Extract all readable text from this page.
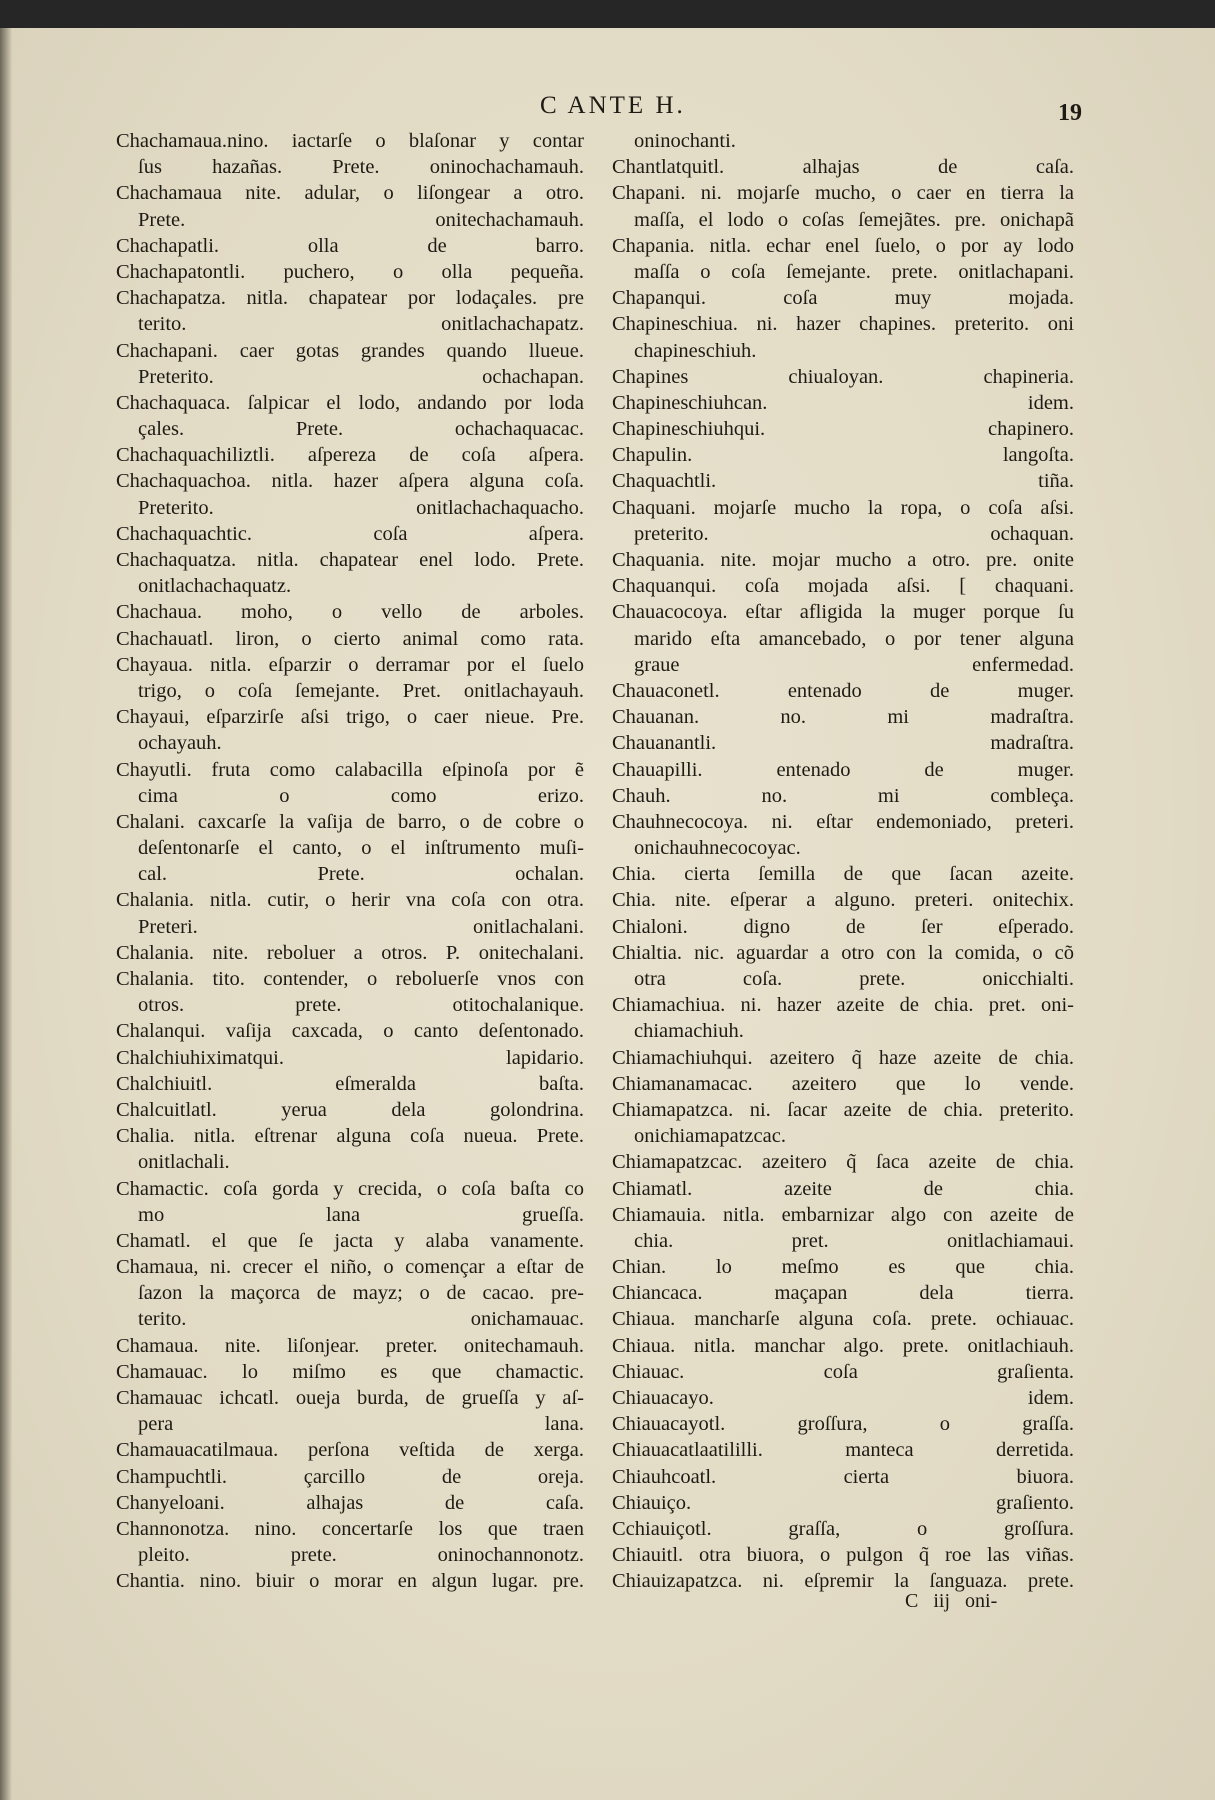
C ANTE H.	19
Chachamaua.nino. iactarſe o blaſonar y contar
ſus hazañas. Prete. oninochachamauh.
Chachamaua nite. adular, o liſongear a otro.
Prete. onitechachamauh.
Chachapatli. olla de barro.
Chachapatontli. puchero, o olla pequeña.
Chachapatza. nitla. chapatear por lodaçales. pre
terito. onitlachachapatz.
Chachapani. caer gotas grandes quando llueue.
Preterito. ochachapan.
Chachaquaca. ſalpicar el lodo, andando por loda
çales. Prete. ochachaquacac.
Chachaquachiliztli. aſpereza de coſa aſpera.
Chachaquachoa. nitla. hazer aſpera alguna coſa.
Preterito. onitlachachaquacho.
Chachaquachtic. coſa aſpera.
Chachaquatza. nitla. chapatear enel lodo. Prete.
onitlachachaquatz.
Chachaua. moho, o vello de arboles.
Chachauatl. liron, o cierto animal como rata.
Chayaua. nitla. eſparzir o derramar por el ſuelo
trigo, o coſa ſemejante. Pret. onitlachayauh.
Chayaui, eſparzirſe aſsi trigo, o caer nieue. Pre.
ochayauh.
Chayutli. fruta como calabacilla eſpinoſa por ẽ
cima o como erizo.
Chalani. caxcarſe la vaſija de barro, o de cobre o
deſentonarſe el canto, o el inſtrumento muſi-
cal. Prete. ochalan.
Chalania. nitla. cutir, o herir vna coſa con otra.
Preteri. onitlachalani.
Chalania. nite. reboluer a otros. P. onitechalani.
Chalania. tito. contender, o reboluerſe vnos con
otros. prete. otitochalanique.
Chalanqui. vaſija caxcada, o canto deſentonado.
Chalchiuhiximatqui. lapidario.
Chalchiuitl. eſmeralda baſta.
Chalcuitlatl. yerua dela golondrina.
Chalia. nitla. eſtrenar alguna coſa nueua. Prete.
onitlachali.
Chamactic. coſa gorda y crecida, o coſa baſta co
mo lana grueſſa.
Chamatl. el que ſe jacta y alaba vanamente.
Chamaua, ni. crecer el niño, o començar a eſtar de
ſazon la maçorca de mayz; o de cacao. pre-
terito. onichamauac.
Chamaua. nite. liſonjear. preter. onitechamauh.
Chamauac. lo miſmo es que chamactic.
Chamauac ichcatl. oueja burda, de grueſſa y aſ-
pera lana.
Chamauacatilmaua. perſona veſtida de xerga.
Champuchtli. çarcillo de oreja.
Chanyeloani. alhajas de caſa.
Channonotza. nino. concertarſe los que traen
pleito. prete. oninochannonotz.
Chantia. nino. biuir o morar en algun lugar. pre.
oninochanti.
Chantlatquitl. alhajas de caſa.
Chapani. ni. mojarſe mucho, o caer en tierra la
maſſa, el lodo o coſas ſemejãtes. pre. onichapã
Chapania. nitla. echar enel ſuelo, o por ay lodo
maſſa o coſa ſemejante. prete. onitlachapani.
Chapanqui. coſa muy mojada.
Chapineschiua. ni. hazer chapines. preterito. oni
chapineschiuh.
Chapines chiualoyan. chapineria.
Chapineschiuhcan. idem.
Chapineschiuhqui. chapinero.
Chapulin. langoſta.
Chaquachtli. tiña.
Chaquani. mojarſe mucho la ropa, o coſa aſsi.
preterito. ochaquan.
Chaquania. nite. mojar mucho a otro. pre. onite
Chaquanqui. coſa mojada aſsi. [ chaquani.
Chauacocoya. eſtar afligida la muger porque ſu
marido eſta amancebado, o por tener alguna
graue enfermedad.
Chauaconetl. entenado de muger.
Chauanan. no. mi madraſtra.
Chauanantli. madraſtra.
Chauapilli. entenado de muger.
Chauh. no. mi combleça.
Chauhnecocoya. ni. eſtar endemoniado, preteri.
onichauhnecocoyac.
Chia. cierta ſemilla de que ſacan azeite.
Chia. nite. eſperar a alguno. preteri. onitechix.
Chialoni. digno de ſer eſperado.
Chialtia. nic. aguardar a otro con la comida, o cõ
otra coſa. prete. onicchialti.
Chiamachiua. ni. hazer azeite de chia. pret. oni-
chiamachiuh.
Chiamachiuhqui. azeitero q̃ haze azeite de chia.
Chiamanamacac. azeitero que lo vende.
Chiamapatzca. ni. ſacar azeite de chia. preterito.
onichiamapatzcac.
Chiamapatzcac. azeitero q̃ ſaca azeite de chia.
Chiamatl. azeite de chia.
Chiamauia. nitla. embarnizar algo con azeite de
chia. pret. onitlachiamaui.
Chian. lo meſmo es que chia.
Chiancaca. maçapan dela tierra.
Chiaua. mancharſe alguna coſa. prete. ochiauac.
Chiaua. nitla. manchar algo. prete. onitlachiauh.
Chiauac. coſa graſienta.
Chiauacayo. idem.
Chiauacayotl. groſſura, o graſſa.
Chiauacatlaatililli. manteca derretida.
Chiauhcoatl. cierta biuora.
Chiauiço. graſiento.
Cchiauiçotl. graſſa, o groſſura.
Chiauitl. otra biuora, o pulgon q̃ roe las viñas.
Chiauizapatzca. ni. eſpremir la ſanguaza. prete.
C iij oni-
